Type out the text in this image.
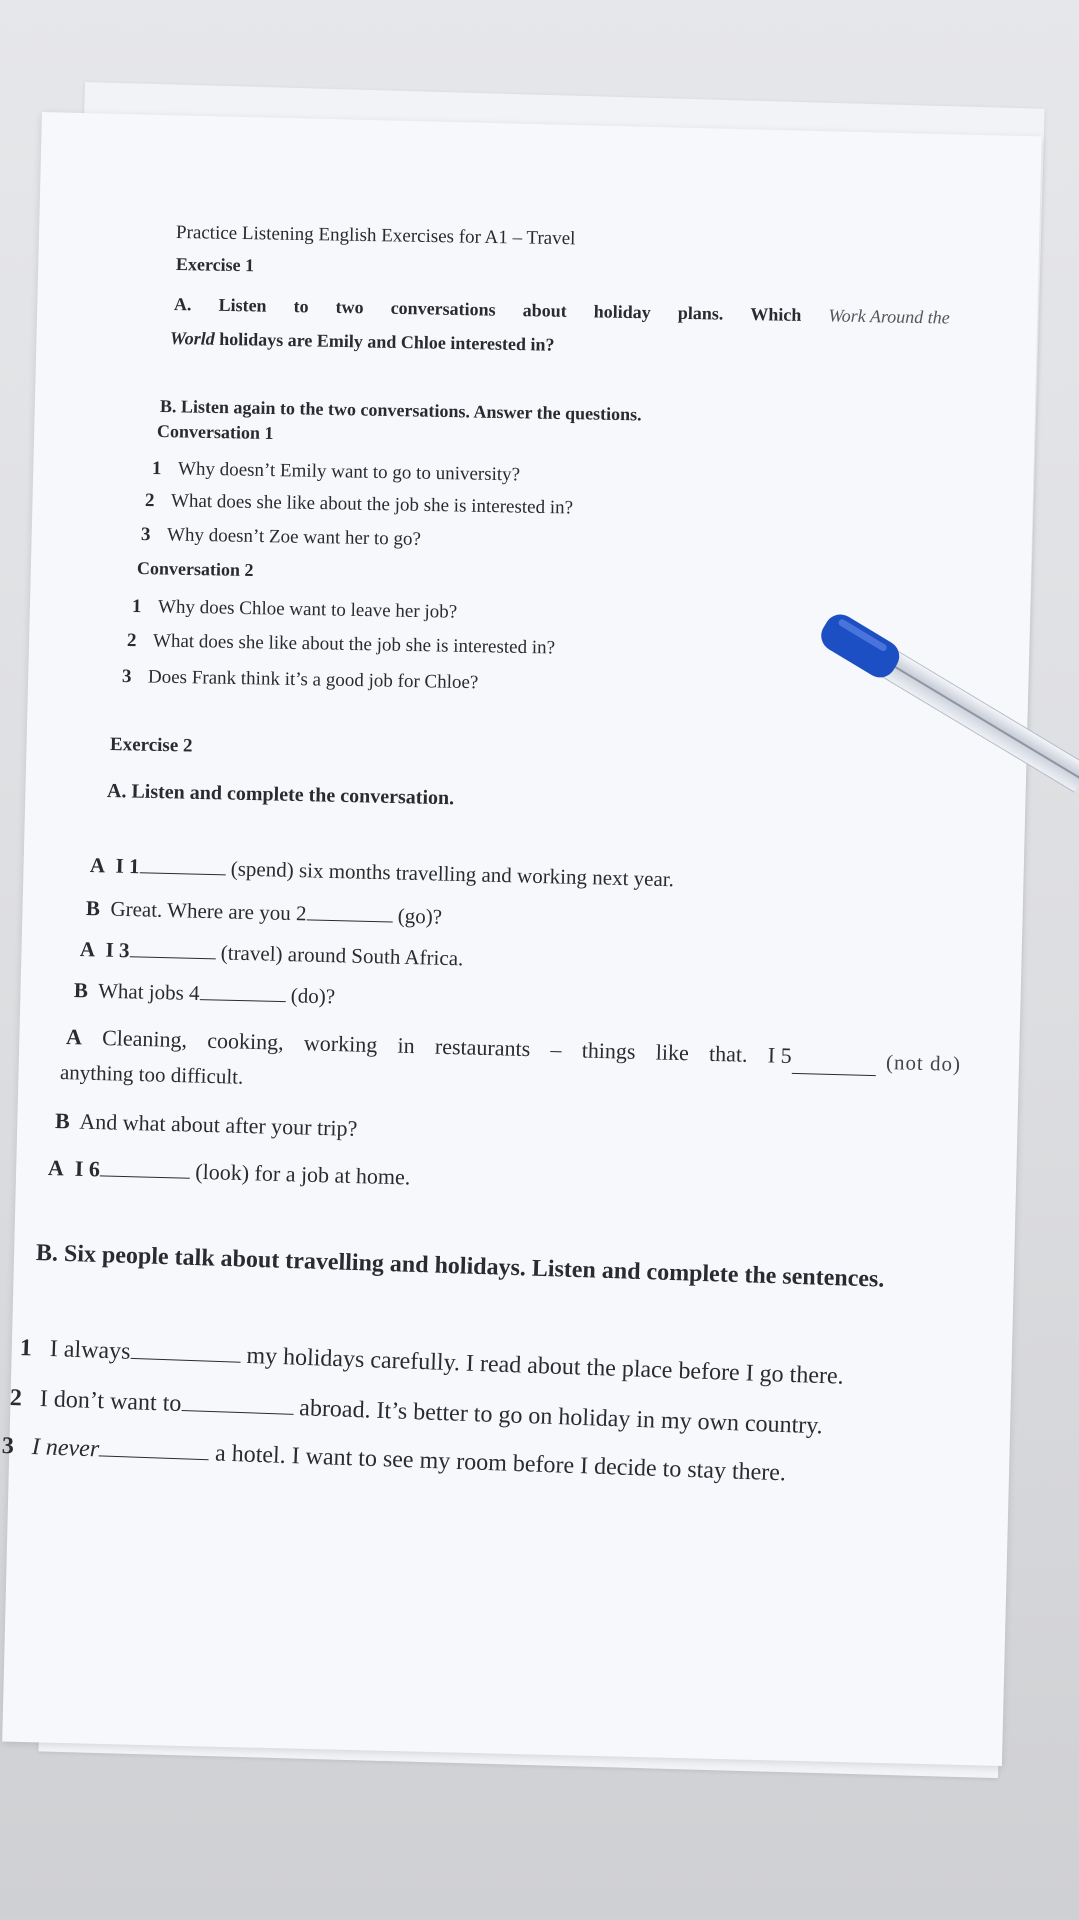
Practice Listening English Exercises for A1 – Travel
Exercise 1
A. Listen to two conversations about holiday plans. Which Work Around the
World holidays are Emily and Chloe interested in?
B. Listen again to the two conversations. Answer the questions.
Conversation 1
1 Why doesn’t Emily want to go to university?
2 What does she like about the job she is interested in?
3 Why doesn’t Zoe want her to go?
Conversation 2
1 Why does Chloe want to leave her job?
2 What does she like about the job she is interested in?
3 Does Frank think it’s a good job for Chloe?
Exercise 2
A. Listen and complete the conversation.
A I 1	(spend) six months travelling and working next year.
B Great. Where are you 2	(go)?
A I 3	(travel) around South Africa.
B What jobs 4	(do)?
A Cleaning, cooking, working in restaurants – things like that. I 5	(not do)
anything too difficult.
B And what about after your trip?
A I 6	(look) for a job at home.
B. Six people talk about travelling and holidays. Listen and complete the sentences.
1 I always	my holidays carefully. I read about the place before I go there.
2 I don’t want to	abroad. It’s better to go on holiday in my own country.
3 I never	a hotel. I want to see my room before I decide to stay there.
